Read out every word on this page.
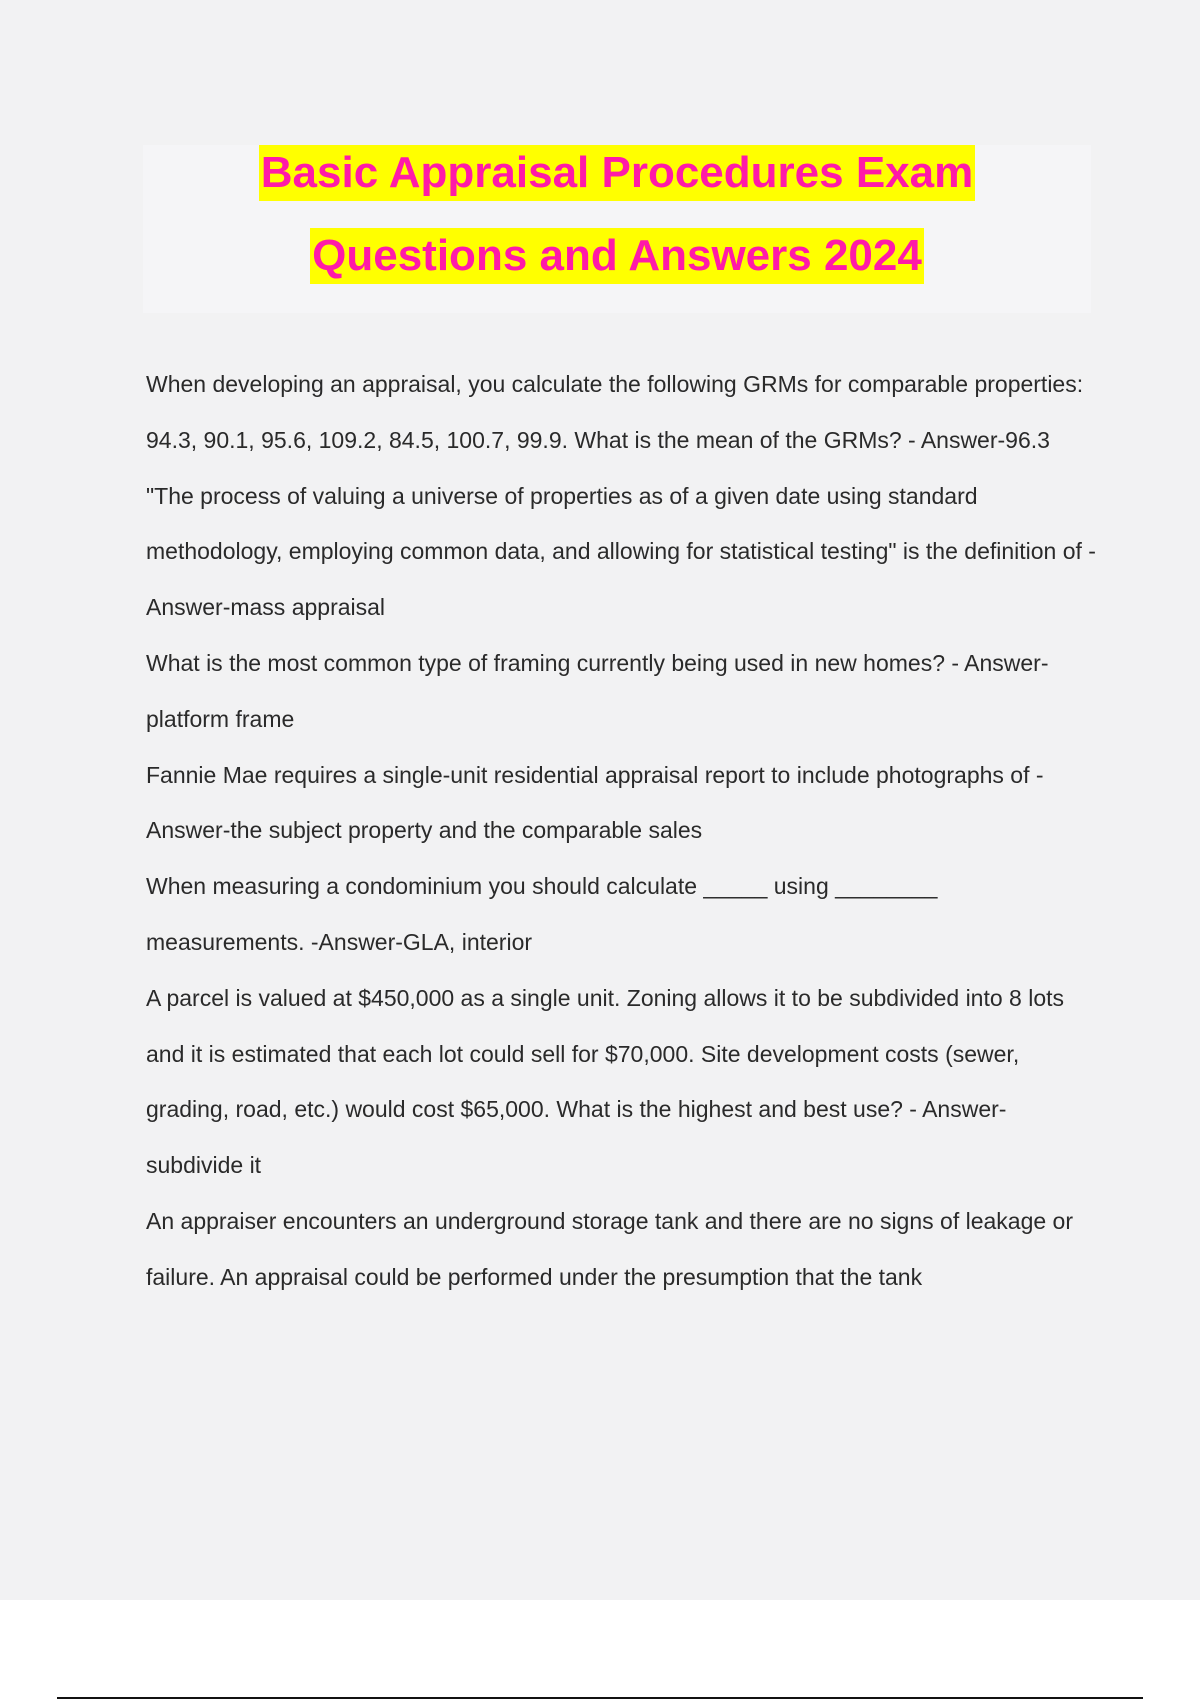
Basic Appraisal Procedures Exam
Questions and Answers 2024

When developing an appraisal, you calculate the following GRMs for comparable properties: 94.3, 90.1, 95.6, 109.2, 84.5, 100.7, 99.9. What is the mean of the GRMs? - Answer-96.3

"The process of valuing a universe of properties as of a given date using standard methodology, employing common data, and allowing for statistical testing" is the definition of -Answer-mass appraisal

What is the most common type of framing currently being used in new homes? - Answer-platform frame

Fannie Mae requires a single-unit residential appraisal report to include photographs of -Answer-the subject property and the comparable sales

When measuring a condominium you should calculate _____ using ________ measurements. -Answer-GLA, interior

A parcel is valued at $450,000 as a single unit. Zoning allows it to be subdivided into 8 lots and it is estimated that each lot could sell for $70,000. Site development costs (sewer, grading, road, etc.) would cost $65,000. What is the highest and best use? - Answer-subdivide it

An appraiser encounters an underground storage tank and there are no signs of leakage or failure. An appraisal could be performed under the presumption that the tank
